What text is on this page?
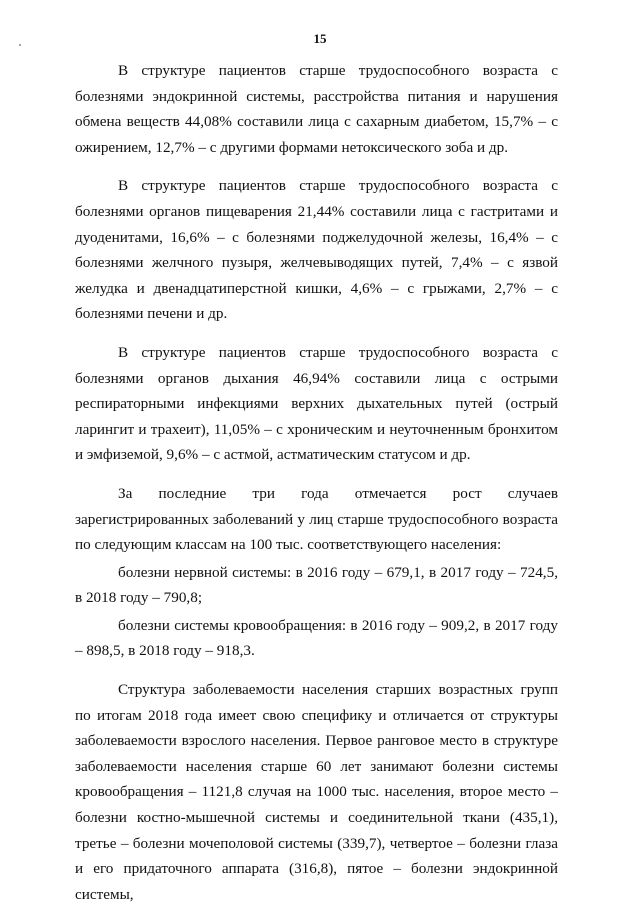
15

В структуре пациентов старше трудоспособного возраста с болезнями эндокринной системы, расстройства питания и нарушения обмена веществ 44,08% составили лица с сахарным диабетом, 15,7% – с ожирением, 12,7% – с другими формами нетоксического зоба и др.

В структуре пациентов старше трудоспособного возраста с болезнями органов пищеварения 21,44% составили лица с гастритами и дуоденитами, 16,6% – с болезнями поджелудочной железы, 16,4% – с болезнями желчного пузыря, желчевыводящих путей, 7,4% – с язвой желудка и двенадцатиперстной кишки, 4,6% – с грыжами, 2,7% – с болезнями печени и др.

В структуре пациентов старше трудоспособного возраста с болезнями органов дыхания 46,94% составили лица с острыми респираторными инфекциями верхних дыхательных путей (острый ларингит и трахеит), 11,05% – с хроническим и неуточненным бронхитом и эмфиземой, 9,6% – с астмой, астматическим статусом и др.

За последние три года отмечается рост случаев зарегистрированных заболеваний у лиц старше трудоспособного возраста по следующим классам на 100 тыс. соответствующего населения:

болезни нервной системы: в 2016 году – 679,1, в 2017 году – 724,5, в 2018 году – 790,8;

болезни системы кровообращения: в 2016 году – 909,2, в 2017 году – 898,5, в 2018 году – 918,3.

Структура заболеваемости населения старших возрастных групп по итогам 2018 года имеет свою специфику и отличается от структуры заболеваемости взрослого населения. Первое ранговое место в структуре заболеваемости населения старше 60 лет занимают болезни системы кровообращения – 1121,8 случая на 1000 тыс. населения, второе место – болезни костно-мышечной системы и соединительной ткани (435,1), третье – болезни мочеполовой системы (339,7), четвертое – болезни глаза и его придаточного аппарата (316,8), пятое – болезни эндокринной системы,
